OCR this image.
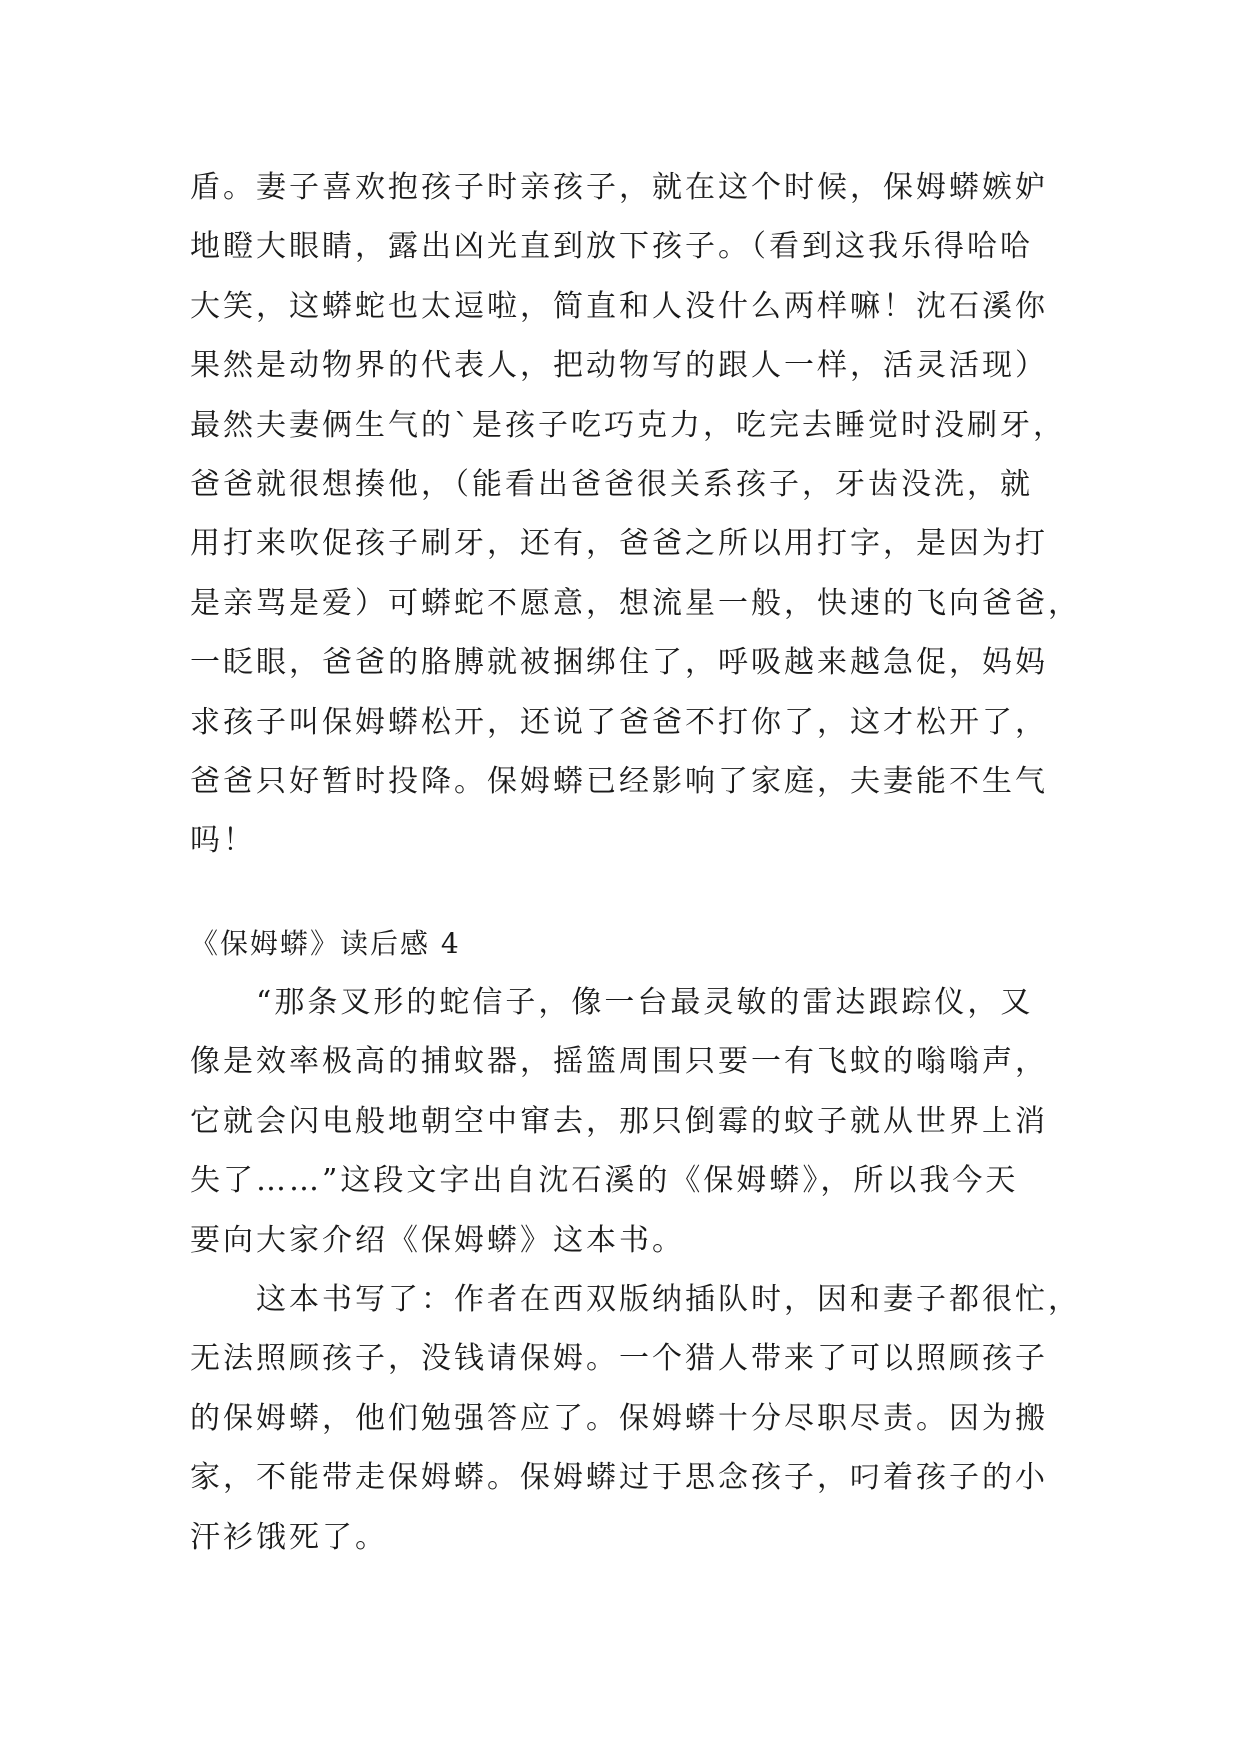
盾。妻子喜欢抱孩子时亲孩子，就在这个时候，保姆蟒嫉妒
地瞪大眼睛，露出凶光直到放下孩子。（看到这我乐得哈哈
大笑，这蟒蛇也太逗啦，简直和人没什么两样嘛！沈石溪你
果然是动物界的代表人，把动物写的跟人一样，活灵活现）
最然夫妻俩生气的`是孩子吃巧克力，吃完去睡觉时没刷牙，
爸爸就很想揍他，（能看出爸爸很关系孩子，牙齿没洗，就
用打来吹促孩子刷牙，还有，爸爸之所以用打字，是因为打
是亲骂是爱）可蟒蛇不愿意，想流星一般，快速的飞向爸爸，
一眨眼，爸爸的胳膊就被捆绑住了，呼吸越来越急促，妈妈
求孩子叫保姆蟒松开，还说了爸爸不打你了，这才松开了，
爸爸只好暂时投降。保姆蟒已经影响了家庭，夫妻能不生气
吗！
《保姆蟒》读后感 4
“那条叉形的蛇信子，像一台最灵敏的雷达跟踪仪，又
像是效率极高的捕蚊器，摇篮周围只要一有飞蚊的嗡嗡声，
它就会闪电般地朝空中窜去，那只倒霉的蚊子就从世界上消
失了……”这段文字出自沈石溪的《保姆蟒》，所以我今天
要向大家介绍《保姆蟒》这本书。
这本书写了：作者在西双版纳插队时，因和妻子都很忙，
无法照顾孩子，没钱请保姆。一个猎人带来了可以照顾孩子
的保姆蟒，他们勉强答应了。保姆蟒十分尽职尽责。因为搬
家，不能带走保姆蟒。保姆蟒过于思念孩子，叼着孩子的小
汗衫饿死了。
